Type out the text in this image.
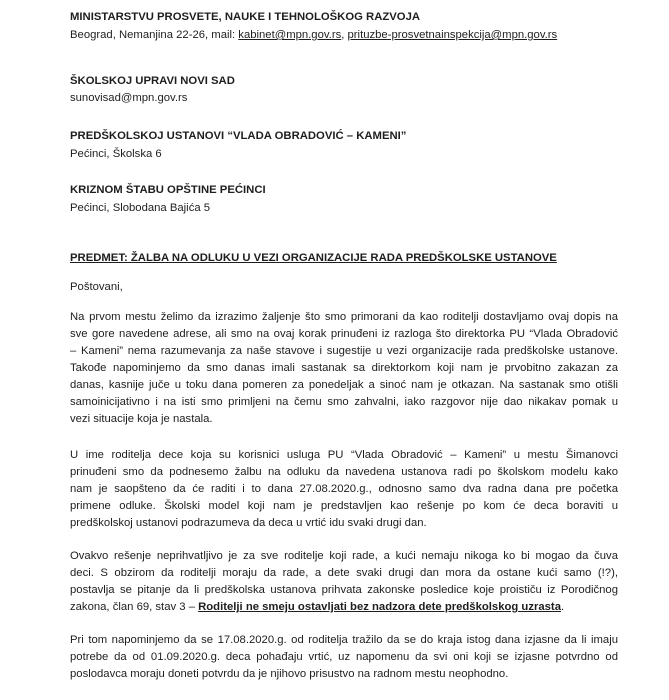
MINISTARSTVU PROSVETE, NAUKE I TEHNOLOŠKOG RAZVOJA
Beograd, Nemanjina 22-26, mail: kabinet@mpn.gov.rs, prituzbe-prosvetnainspekcija@mpn.gov.rs
ŠKOLSKOJ UPRAVI NOVI SAD
sunovisad@mpn.gov.rs
PREDŠKOLSKOJ USTANOVI “VLADA OBRADOVIĆ – KAMENI”
Pećinci, Školska 6
KRIZNOM ŠTABU OPŠTINE PEĆINCI
Pećinci, Slobodana Bajića 5
PREDMET: ŽALBA NA ODLUKU U VEZI ORGANIZACIJE RADA PREDŠKOLSKE USTANOVE
Poštovani,
Na prvom mestu želimo da izrazimo žaljenje što smo primorani da kao roditelji dostavljamo ovaj dopis na
sve gore navedene adrese, ali smo na ovaj korak prinuđeni iz razloga što direktorka PU “Vlada Obradović
– Kameni” nema razumevanja za naše stavove i sugestije u vezi organizacije rada predškolske ustanove.
Takođe napominjemo da smo danas imali sastanak sa direktorkom koji nam je prvobitno zakazan za
danas, kasnije juče u toku dana pomeren za ponedeljak a sinoć nam je otkazan. Na sastanak smo otišli
samoinicijativno i na isti smo primljeni na čemu smo zahvalni, iako razgovor nije dao nikakav pomak u
vezi situacije koja je nastala.
U ime roditelja dece koja su korisnici usluga PU “Vlada Obradović – Kameni” u mestu Šimanovci
prinuđeni smo da podnesemo žalbu na odluku da navedena ustanova radi po školskom modelu kako
nam je saopšteno da će raditi i to dana 27.08.2020.g., odnosno samo dva radna dana pre početka
primene odluke. Školski model koji nam je predstavljen kao rešenje po kom će deca boraviti u
predškolskoj ustanovi podrazumeva da deca u vrtić idu svaki drugi dan.
Ovakvo rešenje neprihvatljivo je za sve roditelje koji rade, a kući nemaju nikoga ko bi mogao da čuva
deci. S obzirom da roditelji moraju da rade, a dete svaki drugi dan mora da ostane kući samo (!?),
postavlja se pitanje da li predškolska ustanova prihvata zakonske posledice koje proističu iz Porodičnog
zakona, član 69, stav 3 – Roditelji ne smeju ostavljati bez nadzora dete predškolskog uzrasta.
Pri tom napominjemo da se 17.08.2020.g. od roditelja tražilo da se do kraja istog dana izjasne da li imaju
potrebe da od 01.09.2020.g. deca pohađaju vrtić, uz napomenu da svi oni koji se izjasne potvrdno od
poslodavca moraju doneti potvrdu da je njihovo prisustvo na radnom mestu neophodno.
